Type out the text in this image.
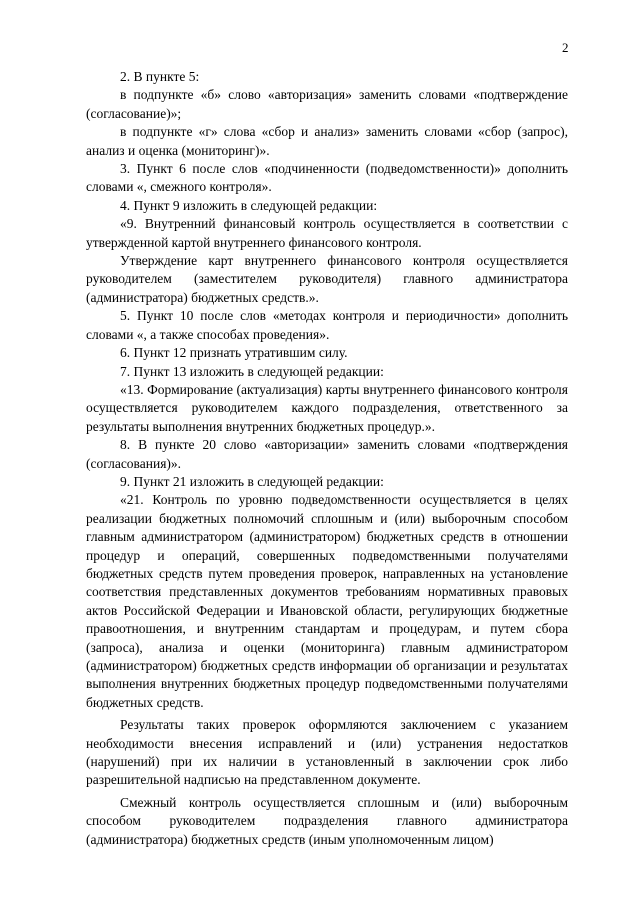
2

2. В пункте 5:

в подпункте «б» слово «авторизация» заменить словами «подтверждение (согласование)»;

в подпункте «г» слова «сбор и анализ» заменить словами «сбор (запрос), анализ и оценка (мониторинг)».

3. Пункт 6 после слов «подчиненности (подведомственности)» дополнить словами «, смежного контроля».

4. Пункт 9 изложить в следующей редакции:

«9. Внутренний финансовый контроль осуществляется в соответствии с утвержденной картой внутреннего финансового контроля.

Утверждение карт внутреннего финансового контроля осуществляется руководителем (заместителем руководителя) главного администратора (администратора) бюджетных средств.».

5. Пункт 10 после слов «методах контроля и периодичности» дополнить словами «, а также способах проведения».

6. Пункт 12 признать утратившим силу.

7. Пункт 13 изложить в следующей редакции:

«13. Формирование (актуализация) карты внутреннего финансового контроля осуществляется руководителем каждого подразделения, ответственного за результаты выполнения внутренних бюджетных процедур.».

8. В пункте 20 слово «авторизации» заменить словами «подтверждения (согласования)».

9. Пункт 21 изложить в следующей редакции:

«21. Контроль по уровню подведомственности осуществляется в целях реализации бюджетных полномочий сплошным и (или) выборочным способом главным администратором (администратором) бюджетных средств в отношении процедур и операций, совершенных подведомственными получателями бюджетных средств путем проведения проверок, направленных на установление соответствия представленных документов требованиям нормативных правовых актов Российской Федерации и Ивановской области, регулирующих бюджетные правоотношения, и внутренним стандартам и процедурам, и путем сбора (запроса), анализа и оценки (мониторинга) главным администратором (администратором) бюджетных средств информации об организации и результатах выполнения внутренних бюджетных процедур подведомственными получателями бюджетных средств.

Результаты таких проверок оформляются заключением с указанием необходимости внесения исправлений и (или) устранения недостатков (нарушений) при их наличии в установленный в заключении срок либо разрешительной надписью на представленном документе.

Смежный контроль осуществляется сплошным и (или) выборочным способом руководителем подразделения главного администратора (администратора) бюджетных средств (иным уполномоченным лицом)
